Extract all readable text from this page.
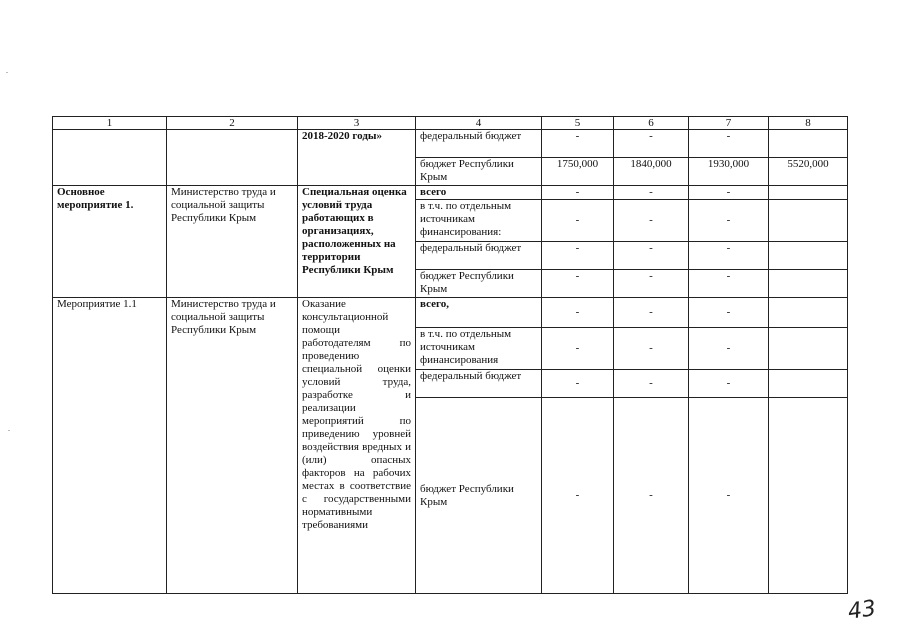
1	2	3	4	5	6	7	8
		2018-2020 годы»	федеральный бюджет	-	-	-	
			бюджет Республики Крым	1750,000	1840,000	1930,000	5520,000
Основное мероприятие 1.	Министерство труда и социальной защиты Республики Крым	Специальная оценка условий труда работающих в организациях, расположенных на территории Республики Крым	всего	-	-	-	
			в т.ч. по отдельным источникам финансирования:	-	-	-	
			федеральный бюджет	-	-	-	
			бюджет Республики Крым	-	-	-	
Мероприятие 1.1	Министерство труда и социальной защиты Республики Крым	Оказание консультационной помощи работодателям по проведению специальной оценки условий труда, разработке и реализации мероприятий по приведению уровней воздействия вредных и (или) опасных факторов на рабочих местах в соответствие с государственными нормативными требованиями	всего,	-	-	-	
			в т.ч. по отдельным источникам финансирования	-	-	-	
			федеральный бюджет	-	-	-	
			бюджет Республики Крым	-	-	-	
43
